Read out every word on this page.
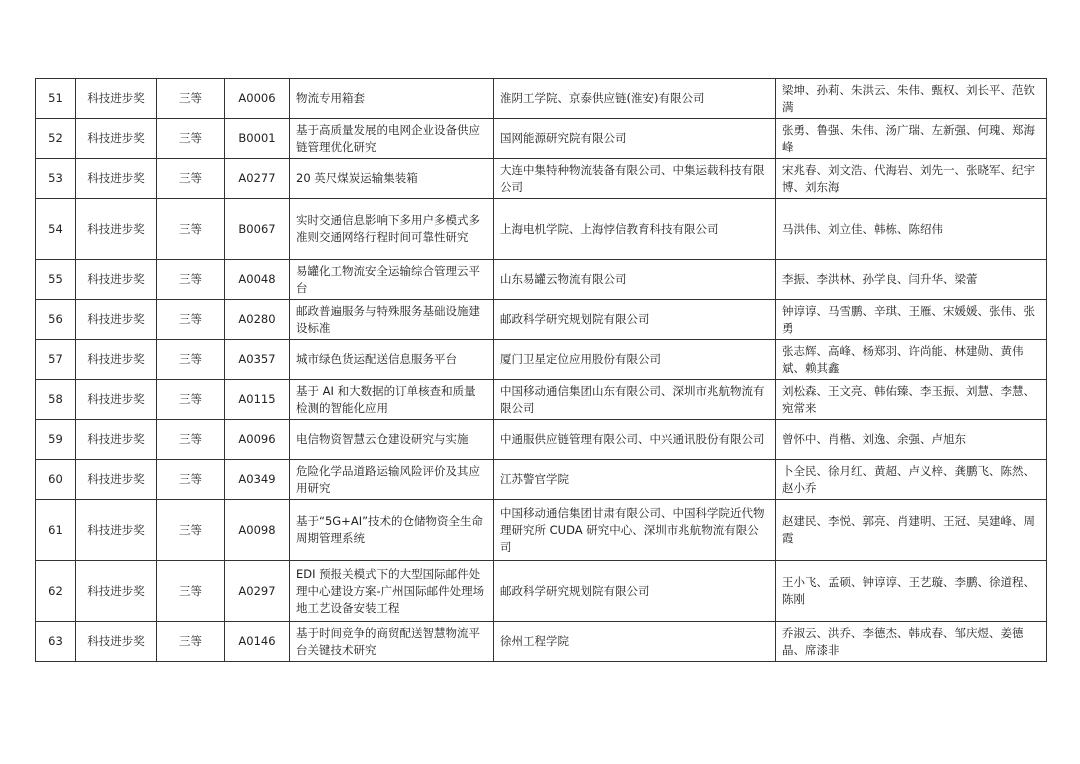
51	科技进步奖	三等	A0006	物流专用箱套	淮阴工学院、京泰供应链(淮安)有限公司	梁坤、孙莉、朱洪云、朱伟、甄权、刘长平、范钦满
52	科技进步奖	三等	B0001	基于高质量发展的电网企业设备供应链管理优化研究	国网能源研究院有限公司	张勇、鲁强、朱伟、汤广瑞、左新强、何瑰、郑海峰
53	科技进步奖	三等	A0277	20 英尺煤炭运输集装箱	大连中集特种物流装备有限公司、中集运载科技有限公司	宋兆春、刘文浩、代海岩、刘先一、张晓军、纪宇博、刘东海
54	科技进步奖	三等	B0067	实时交通信息影响下多用户多模式多准则交通网络行程时间可靠性研究	上海电机学院、上海悖信教育科技有限公司	马洪伟、刘立佳、韩栋、陈绍伟
55	科技进步奖	三等	A0048	易罐化工物流安全运输综合管理云平台	山东易罐云物流有限公司	李振、李洪林、孙学良、闫升华、梁蕾
56	科技进步奖	三等	A0280	邮政普遍服务与特殊服务基础设施建设标准	邮政科学研究规划院有限公司	钟谆谆、马雪鹏、辛琪、王雁、宋媛媛、张伟、张勇
57	科技进步奖	三等	A0357	城市绿色货运配送信息服务平台	厦门卫星定位应用股份有限公司	张志辉、高峰、杨郑羽、许尚能、林建勋、黄伟斌、赖其鑫
58	科技进步奖	三等	A0115	基于 AI 和大数据的订单核查和质量检测的智能化应用	中国移动通信集团山东有限公司、深圳市兆航物流有限公司	刘松森、王文亮、韩佑臻、李玉振、刘慧、李慧、宛常来
59	科技进步奖	三等	A0096	电信物资智慧云仓建设研究与实施	中通服供应链管理有限公司、中兴通讯股份有限公司	曾怀中、肖楷、刘逸、余强、卢旭东
60	科技进步奖	三等	A0349	危险化学品道路运输风险评价及其应用研究	江苏警官学院	卜全民、徐月红、黄超、卢义梓、龚鹏飞、陈然、赵小乔
61	科技进步奖	三等	A0098	基于“5G+AI”技术的仓储物资全生命周期管理系统	中国移动通信集团甘肃有限公司、中国科学院近代物理研究所 CUDA 研究中心、深圳市兆航物流有限公司	赵建民、李悦、郭亮、肖建明、王冠、吴建峰、周霞
62	科技进步奖	三等	A0297	EDI 预报关模式下的大型国际邮件处理中心建设方案-广州国际邮件处理场地工艺设备安装工程	邮政科学研究规划院有限公司	王小飞、孟硕、钟谆谆、王艺璇、李鹏、徐道程、陈刚
63	科技进步奖	三等	A0146	基于时间竞争的商贸配送智慧物流平台关键技术研究	徐州工程学院	乔淑云、洪乔、李德杰、韩成春、邹庆煜、姜德晶、席漆非
